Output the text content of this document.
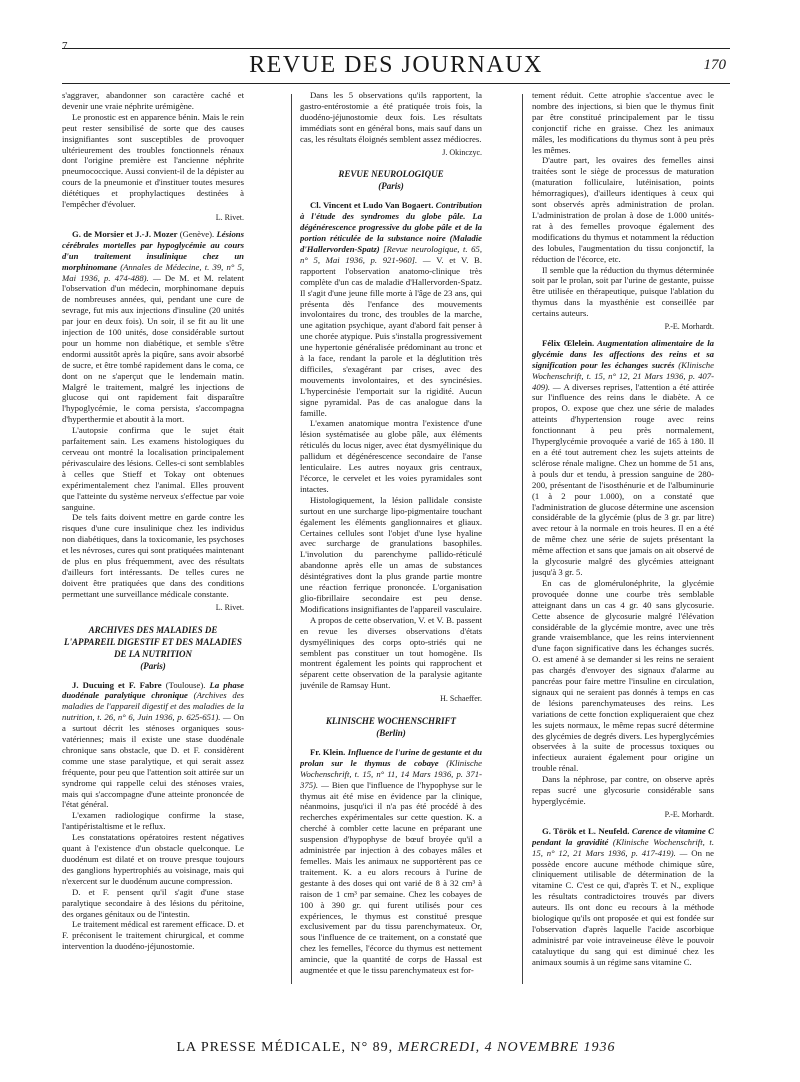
7
REVUE DES JOURNAUX	170

s'aggraver, abandonner son caractère caché et devenir une vraie néphrite urémigène.

Le pronostic est en apparence bénin. Mais le rein peut rester sensibilisé de sorte que des causes insignifiantes sont susceptibles de provoquer ultérieurement des troubles fonctionnels rénaux dont l'origine première est l'ancienne néphrite pneumococcique. Aussi convient-il de la dépister au cours de la pneumonie et d'instituer toutes mesures diététiques et prophylactiques destinées à l'empêcher d'évoluer.

L. Rivet.

G. de Morsier et J.-J. Mozer (Genève). Lésions cérébrales mortelles par hypoglycémie au cours d'un traitement insulinique chez un morphinomane (Annales de Médecine, t. 39, n° 5, Mai 1936, p. 474-488). — De M. et M. relatent l'observation d'un médecin, morphinomane depuis de nombreuses années, qui, pendant une cure de sevrage, fut mis aux injections d'insuline (20 unités par jour en deux fois). Un soir, il se fit au lit une injection de 100 unités, dose considérable surtout pour un homme non diabétique, et semble s'être endormi aussitôt après la piqûre, sans avoir absorbé de sucre, et être tombé rapidement dans le coma, ce dont on ne s'aperçut que le lendemain matin. Malgré le traitement, malgré les injections de glucose qui ont rapidement fait disparaître l'hypoglycémie, le coma persista, s'accompagna d'hyperthermie et aboutit à la mort.

L'autopsie confirma que le sujet était parfaitement sain. Les examens histologiques du cerveau ont montré la localisation principalement périvasculaire des lésions. Celles-ci sont semblables à celles que Stieff et Tokay ont obtenues expérimentalement chez l'animal. Elles prouvent que l'atteinte du système nerveux s'effectue par voie sanguine.

De tels faits doivent mettre en garde contre les risques d'une cure insulinique chez les individus non diabétiques, dans la toxicomanie, les psychoses et les névroses, cures qui sont pratiquées maintenant de plus en plus fréquemment, avec des résultats d'ailleurs fort intéressants. De telles cures ne doivent être pratiquées que dans des conditions permettant une surveillance médicale constante.

L. Rivet.
ARCHIVES DES MALADIES DE L'APPAREIL DIGESTIF ET DES MALADIES DE LA NUTRITION
(Paris)

J. Ducuing et F. Fabre (Toulouse). La phase duodénale paralytique chronique (Archives des maladies de l'appareil digestif et des maladies de la nutrition, t. 26, n° 6, Juin 1936, p. 625-651). — On a surtout décrit les sténoses organiques sous-vatériennes; mais il existe une stase duodénale chronique sans obstacle, que D. et F. considèrent comme une stase paralytique, et qui serait assez fréquente, pour peu que l'attention soit attirée sur un syndrome qui rappelle celui des sténoses vraies, mais qui s'accompagne d'une atteinte prononcée de l'état général.

L'examen radiologique confirme la stase, l'antipéristaltisme et le reflux.

Les constatations opératoires restent négatives quant à l'existence d'un obstacle quelconque. Le duodénum est dilaté et on trouve presque toujours des ganglions hypertrophiés au voisinage, mais qui n'exercent sur le duodénum aucune compression.

D. et F. pensent qu'il s'agit d'une stase paralytique secondaire à des lésions du péritoine, des organes génitaux ou de l'intestin.

Le traitement médical est rarement efficace. D. et F. préconisent le traitement chirurgical, et comme intervention la duodéno-jéjunostomie.

Dans les 5 observations qu'ils rapportent, la gastro-entérostomie a été pratiquée trois fois, la duodéno-jéjunostomie deux fois. Les résultats immédiats sont en général bons, mais sauf dans un cas, les résultats éloignés semblent assez médiocres.

J. Okinczyc.
REVUE NEUROLOGIQUE
(Paris)

Cl. Vincent et Ludo Van Bogaert. Contribution à l'étude des syndromes du globe pâle. La dégénérescence progressive du globe pâle et de la portion réticulée de la substance noire (Maladie d'Hallervorden-Spatz) [Revue neurologique, t. 65, n° 5, Mai 1936, p. 921-960]. — V. et V. B. rapportent l'observation anatomo-clinique très complète d'un cas de maladie d'Hallervorden-Spatz. Il s'agit d'une jeune fille morte à l'âge de 23 ans, qui présenta dès l'enfance des mouvements involontaires du tronc, des troubles de la marche, une agitation psychique, ayant d'abord fait penser à une chorée atypique. Puis s'installa progressivement une hypertonie généralisée prédominant au tronc et à la face, rendant la parole et la déglutition très difficiles, s'exagérant par crises, avec des mouvements involontaires, et des syncinésies. L'hypercinésie l'emportait sur la rigidité. Aucun signe pyramidal. Pas de cas analogue dans la famille.

L'examen anatomique montra l'existence d'une lésion systématisée au globe pâle, aux éléments réticulés du locus niger, avec état dysmyélinique du pallidum et dégénérescence secondaire de l'anse lenticulaire. Les autres noyaux gris centraux, l'écorce, le cervelet et les voies pyramidales sont intactes.

Histologiquement, la lésion pallidale consiste surtout en une surcharge lipo-pigmentaire touchant également les éléments ganglionnaires et gliaux. Certaines cellules sont l'objet d'une lyse hyaline avec surcharge de granulations basophiles. L'involution du parenchyme pallido-réticulé abandonne après elle un amas de substances désintégratives dont la plus grande partie montre une réaction ferrique prononcée. L'organisation glio-fibrillaire secondaire est peu dense. Modifications insignifiantes de l'appareil vasculaire.

A propos de cette observation, V. et V. B. passent en revue les diverses observations d'états dysmyéliniques des corps opto-striés qui ne semblent pas constituer un tout homogène. Ils montrent également les points qui rapprochent et séparent cette observation de la paralysie agitante juvénile de Ramsay Hunt.

H. Schaeffer.
KLINISCHE WOCHENSCHRIFT
(Berlin)

Fr. Klein. Influence de l'urine de gestante et du prolan sur le thymus de cobaye (Klinische Wochenschrift, t. 15, n° 11, 14 Mars 1936, p. 371-375). — Bien que l'influence de l'hypophyse sur le thymus ait été mise en évidence par la clinique, néanmoins, jusqu'ici il n'a pas été procédé à des recherches expérimentales sur cette question. K. a cherché à combler cette lacune en préparant une suspension d'hypophyse de bœuf broyée qu'il a administrée par injection à des cobayes mâles et femelles. Mais les animaux ne supportèrent pas ce traitement. K. a eu alors recours à l'urine de gestante à des doses qui ont varié de 8 à 32 cm³ à raison de 1 cm³ par semaine. Chez les cobayes de 100 à 390 gr. qui furent utilisés pour ces expériences, le thymus est constitué presque exclusivement par du tissu parenchymateux. Or, sous l'influence de ce traitement, on a constaté que chez les femelles, l'écorce du thymus est nettement amincie, que la quantité de corps de Hassal est augmentée et que le tissu parenchymateux est for-

tement réduit. Cette atrophie s'accentue avec le nombre des injections, si bien que le thymus finit par être constitué principalement par le tissu conjonctif riche en graisse. Chez les animaux mâles, les modifications du thymus sont à peu près les mêmes.

D'autre part, les ovaires des femelles ainsi traitées sont le siège de processus de maturation (maturation folliculaire, lutéinisation, points hémorragiques), d'ailleurs identiques à ceux qui sont observés après administration de prolan. L'administration de prolan à dose de 1.000 unités-rat à des femelles provoque également des modifications du thymus et notamment la réduction des lobules, l'augmentation du tissu conjonctif, la réduction de l'écorce, etc.

Il semble que la réduction du thymus déterminée soit par le prolan, soit par l'urine de gestante, puisse être utilisée en thérapeutique, puisque l'ablation du thymus dans la myasthénie est conseillée par certains auteurs.

P.-E. Morhardt.

Félix Œlelein. Augmentation alimentaire de la glycémie dans les affections des reins et sa signification pour les échanges sucrés (Klinische Wochenschrift, t. 15, n° 12, 21 Mars 1936, p. 407-409). — A diverses reprises, l'attention a été attirée sur l'influence des reins dans le diabète. A ce propos, O. expose que chez une série de malades atteints d'hypertension rouge avec reins fonctionnant à peu près normalement, l'hyperglycémie provoquée a varié de 165 à 180. Il en a été tout autrement chez les sujets atteints de sclérose rénale maligne. Chez un homme de 51 ans, à pouls dur et tendu, à pression sanguine de 280-200, présentant de l'isosthénurie et de l'albuminurie (1 à 2 pour 1.000), on a constaté que l'administration de glucose détermine une ascension considérable de la glycémie (plus de 3 gr. par litre) avec retour à la normale en trois heures. Il en a été de même chez une série de sujets présentant la même affection et sans que jamais on ait observé de la glycosurie malgré des glycémies atteignant jusqu'à 3 gr. 5.

En cas de glomérulonéphrite, la glycémie provoquée donne une courbe très semblable atteignant dans un cas 4 gr. 40 sans glycosurie. Cette absence de glycosurie malgré l'élévation considérable de la glycémie montre, avec une très grande vraisemblance, que les reins interviennent d'une façon significative dans les échanges sucrés. O. est amené à se demander si les reins ne seraient pas chargés d'envoyer des signaux d'alarme au pancréas pour faire mettre l'insuline en circulation, signaux qui ne seraient pas donnés à temps en cas de lésions parenchymateuses des reins. Les variations de cette fonction expliqueraient que chez les sujets normaux, le même repas sucré détermine des glycémies de degrés divers. Les hyperglycémies observées à la suite de processus toxiques ou infectieux auraient également pour origine un trouble rénal.

Dans la néphrose, par contre, on observe après repas sucré une glycosurie considérable sans hyperglycémie.

P.-E. Morhardt.

G. Török et L. Neufeld. Carence de vitamine C pendant la gravidité (Klinische Wochenschrift, t. 15, n° 12, 21 Mars 1936, p. 417-419). — On ne possède encore aucune méthode chimique sûre, cliniquement utilisable de détermination de la vitamine C. C'est ce qui, d'après T. et N., explique les résultats contradictoires trouvés par divers auteurs. Ils ont donc eu recours à la méthode biologique qu'ils ont proposée et qui est fondée sur l'observation d'après laquelle l'acide ascorbique administré par voie intraveineuse élève le pouvoir cataluytique du sang qui est diminué chez les animaux soumis à un régime sans vitamine C.

LA PRESSE MÉDICALE, N° 89, MERCREDI, 4 NOVEMBRE 1936
